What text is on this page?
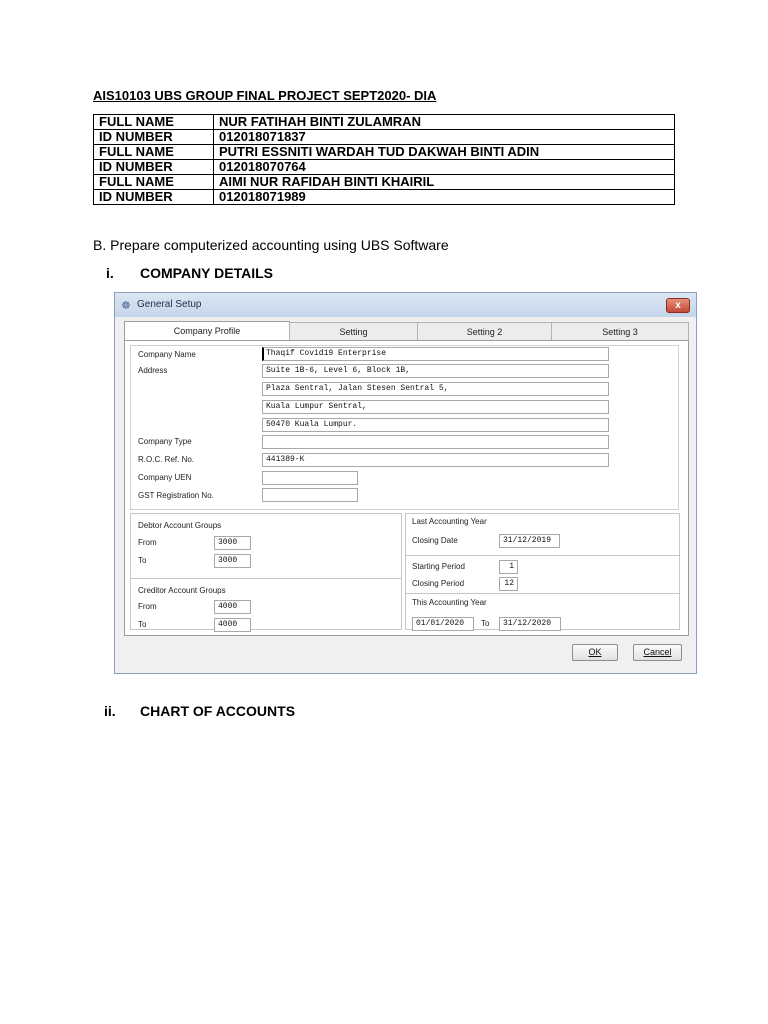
AIS10103 UBS GROUP FINAL PROJECT SEPT2020- DIA
FULL NAME	NUR FATIHAH BINTI ZULAMRAN
ID NUMBER	012018071837
FULL NAME	PUTRI ESSNITI WARDAH TUD DAKWAH BINTI ADIN
ID NUMBER	012018070764
FULL NAME	AIMI NUR RAFIDAH BINTI KHAIRIL
ID NUMBER	012018071989
B. Prepare computerized accounting using UBS Software
i. COMPANY DETAILS
☸ General Setup	x
Company Profile	Setting	Setting 2	Setting 3
Company Name	Thaqif Covid19 Enterprise
Address	Suite 1B-6, Level 6, Block 1B,
Plaza Sentral, Jalan Stesen Sentral 5,
Kuala Lumpur Sentral,
50470 Kuala Lumpur.
Company Type
R.O.C. Ref. No.	441389-K
Company UEN
GST Registration No.
Debtor Account Groups
From	3000
To	3000
Creditor Account Groups
From	4000
To	4000
Last Accounting Year
Closing Date	31/12/2019
Starting Period	1
Closing Period	12
This Accounting Year
01/01/2020	To	31/12/2020
OK	Cancel
ii. CHART OF ACCOUNTS
